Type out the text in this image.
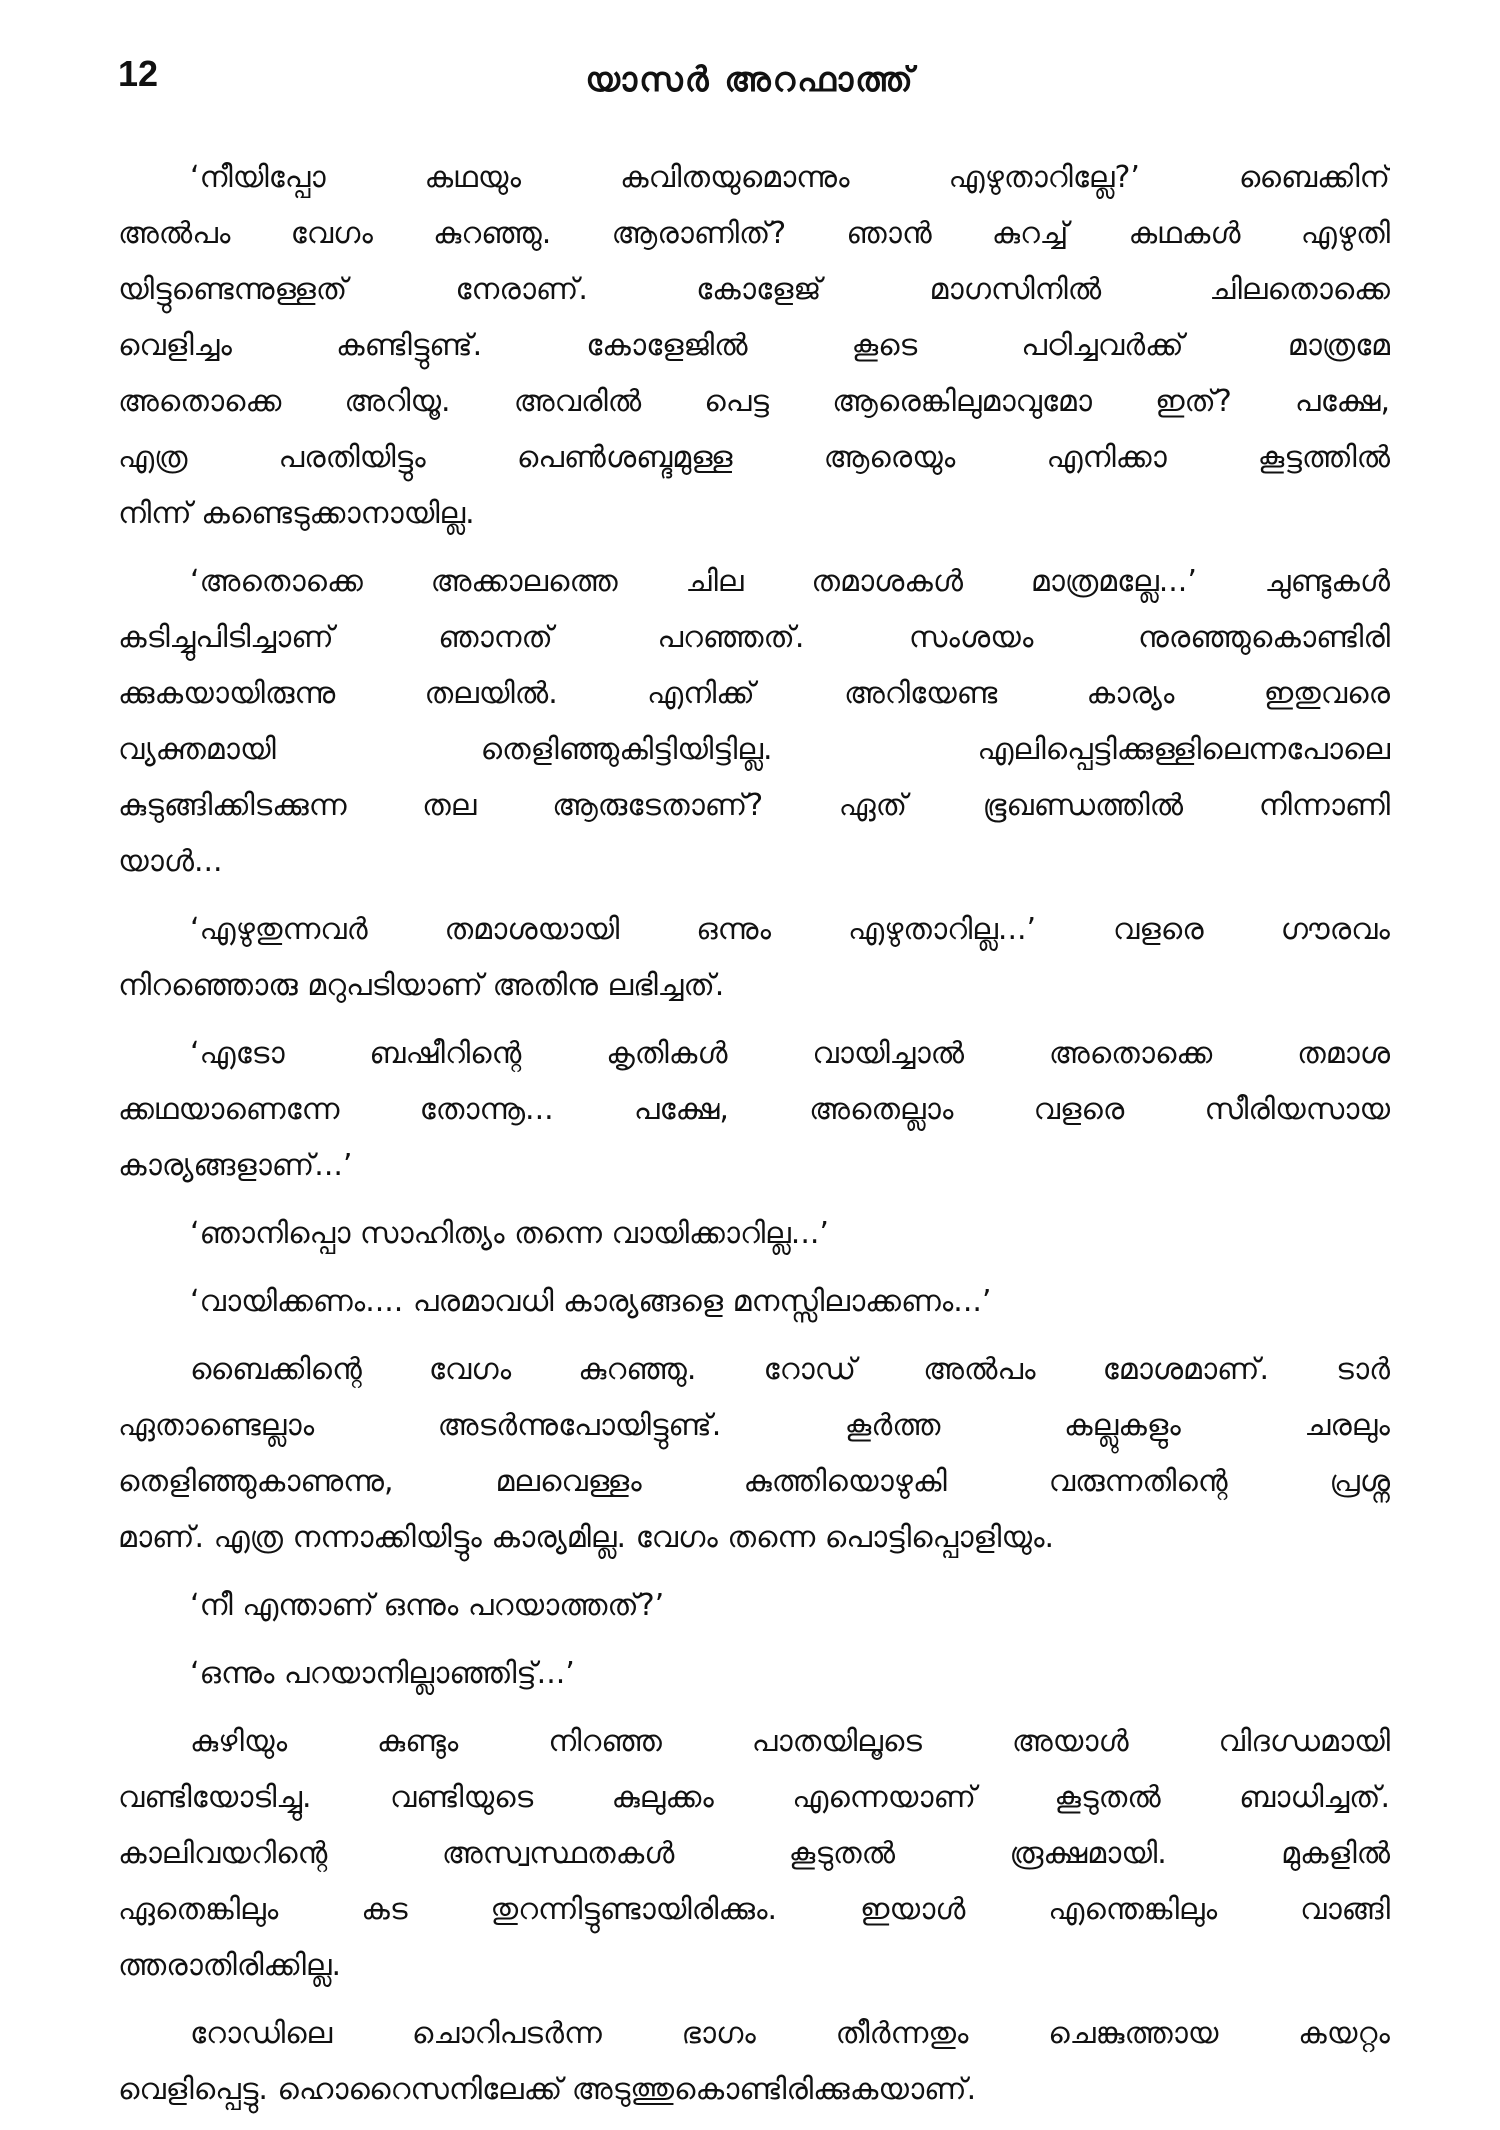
12	യാസർ അറഫാത്ത്
‘നീയിപ്പോ കഥയും കവിതയുമൊന്നും എഴുതാറില്ലേ?’ ബൈക്കിന്
അൽപം വേഗം കുറഞ്ഞു. ആരാണിത്? ഞാൻ കുറച്ച് കഥകൾ എഴുതി
യിട്ടുണ്ടെന്നുള്ളത് നേരാണ്. കോളേജ് മാഗസിനിൽ ചിലതൊക്കെ
വെളിച്ചം കണ്ടിട്ടുണ്ട്. കോളേജിൽ കൂടെ പഠിച്ചവർക്ക് മാത്രമേ
അതൊക്കെ അറിയൂ. അവരിൽ പെട്ട ആരെങ്കിലുമാവുമോ ഇത്? പക്ഷേ,
എത്ര പരതിയിട്ടും പെൺശബ്ദമുള്ള ആരെയും എനിക്കാ കൂട്ടത്തിൽ
നിന്ന് കണ്ടെടുക്കാനായില്ല.
‘അതൊക്കെ അക്കാലത്തെ ചില തമാശകൾ മാത്രമല്ലേ...’ ചുണ്ടുകൾ
കടിച്ചുപിടിച്ചാണ് ഞാനത് പറഞ്ഞത്. സംശയം നുരഞ്ഞുകൊണ്ടിരി
ക്കുകയായിരുന്നു തലയിൽ. എനിക്ക് അറിയേണ്ട കാര്യം ഇതുവരെ
വ്യക്തമായി തെളിഞ്ഞുകിട്ടിയിട്ടില്ല. എലിപ്പെട്ടിക്കുള്ളിലെന്നപോലെ
കുടുങ്ങിക്കിടക്കുന്ന തല ആരുടേതാണ്? ഏത് ഭൂഖണ്ഡത്തിൽ നിന്നാണി
യാൾ...
‘എഴുതുന്നവർ തമാശയായി ഒന്നും എഴുതാറില്ല...’ വളരെ ഗൗരവം
നിറഞ്ഞൊരു മറുപടിയാണ് അതിനു ലഭിച്ചത്.
‘എടോ ബഷീറിന്റെ കൃതികൾ വായിച്ചാൽ അതൊക്കെ തമാശ
ക്കഥയാണെന്നേ തോന്നൂ... പക്ഷേ, അതെല്ലാം വളരെ സീരിയസായ
കാര്യങ്ങളാണ്...’
‘ഞാനിപ്പൊ സാഹിത്യം തന്നെ വായിക്കാറില്ല...’
‘വായിക്കണം.... പരമാവധി കാര്യങ്ങളെ മനസ്സിലാക്കണം...’
ബൈക്കിന്റെ വേഗം കുറഞ്ഞു. റോഡ് അൽപം മോശമാണ്. ടാർ
ഏതാണ്ടെല്ലാം അടർന്നുപോയിട്ടുണ്ട്. കൂർത്ത കല്ലുകളും ചരലും
തെളിഞ്ഞുകാണുന്നു, മലവെള്ളം കുത്തിയൊഴുകി വരുന്നതിന്റെ പ്രശ്ന
മാണ്. എത്ര നന്നാക്കിയിട്ടും കാര്യമില്ല. വേഗം തന്നെ പൊട്ടിപ്പൊളിയും.
‘നീ എന്താണ് ഒന്നും പറയാത്തത്?’
‘ഒന്നും പറയാനില്ലാഞ്ഞിട്ട്...’
കുഴിയും കുണ്ടും നിറഞ്ഞ പാതയിലൂടെ അയാൾ വിദഗ്ധമായി
വണ്ടിയോടിച്ചു. വണ്ടിയുടെ കുലുക്കം എന്നെയാണ് കൂടുതൽ ബാധിച്ചത്.
കാലിവയറിന്റെ അസ്വസ്ഥതകൾ കൂടുതൽ രൂക്ഷമായി. മുകളിൽ
ഏതെങ്കിലും കട തുറന്നിട്ടുണ്ടായിരിക്കും. ഇയാൾ എന്തെങ്കിലും വാങ്ങി
ത്തരാതിരിക്കില്ല.
റോഡിലെ ചൊറിപടർന്ന ഭാഗം തീർന്നതും ചെങ്കുത്തായ കയറ്റം
വെളിപ്പെട്ടു. ഹൊറൈസനിലേക്ക് അടുത്തുകൊണ്ടിരിക്കുകയാണ്.
